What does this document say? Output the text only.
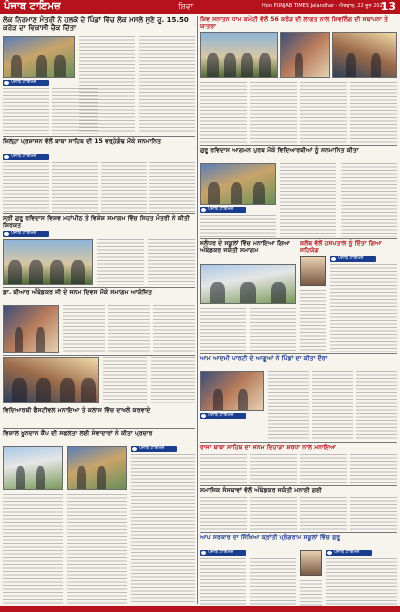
ਪੰਜਾਬ ਟਾਇਮਜ਼	ਸ਼ਿਵਾ	Hon PUNJAB TIMES Jalandhar · ਐਤਵਾਰ, 22 ਜੂਨ 2025
13
ਲੋਕ ਨਿਰਮਾਣ ਮੰਤਰੀ ਨੇ ਹਲਕੇ ਦੇ ਪਿੰਡਾਂ ਵਿੱਚ ਲੋਕ ਮਸਲੇ ਸੁਣੇ ਰੂ. 15.50 ਕਰੋੜ ਦਾ ਵਿਕਾਸੀ ਚੈਕ ਦਿੱਤਾ
ਪੰਜਾਬ ਟਾਇਮਜ਼
ਜ਼ਿਲ੍ਹਾ ਪ੍ਰਸ਼ਾਸਨ ਵੱਲੋਂ ਬਾਬਾ ਸਾਹਿਬ ਦੀ 15 ਵਰ੍ਹੇਗੰਢ ਮੌਕੇ ਸਨਮਾਨਿਤ
ਪੰਜਾਬ ਟਾਇਮਜ਼
ਸ੍ਰੀ ਗੁਰੂ ਰਵਿਦਾਸ ਵਿਸ਼ਵ ਮਹਾਂਪੀਠ ਤੇ ਵਿਸ਼ੇਸ਼ ਸਮਾਗਮ ਵਿੱਚ ਸਿਹਤ ਮੰਤਰੀ ਨੇ ਕੀਤੀ ਸ਼ਿਰਕਤ
ਪੰਜਾਬ ਟਾਇਮਜ਼
ਡਾ. ਬੀਆਰ ਅੰਬੇਡਕਰ ਜੀ ਦੇ ਜਨਮ ਦਿਵਸ ਮੌਕੇ ਸਮਾਗਮ ਆਯੋਜਿਤ
ਵਿਦਿਆਰਥੀ ਫੈਸਟੀਵਲ ਮਨਾਇਆ ਤੇ ਕਲਾਸ ਵਿੱਚ ਦਾਖਲੇ ਕਰਵਾਏ
ਵਿਸ਼ਾਲ ਖੂਨਦਾਨ ਕੈਂਪ ਦੀ ਸਫਲਤਾ ਲਈ ਸੇਵਾਦਾਰਾਂ ਨੇ ਕੀਤਾ ਪ੍ਰਚਾਰ
ਪੰਜਾਬ ਟਾਇਮਜ਼
ਸ਼ਿਵ ਸਨਾਤਨ ਧਾਮ ਕਮੇਟੀ ਵੱਲੋਂ 56 ਕਰੋੜ ਦੀ ਲਾਗਤ ਨਾਲ ਸ਼ਿਵਲਿੰਗ ਦੀ ਸਥਾਪਨਾ ਤੇ ਯਾਤਰਾ
ਗੁਰੂ ਰਵਿਦਾਸ ਆਗਮਨ ਪੁਰਬ ਮੌਕੇ ਵਿਦਿਆਰਥੀਆਂ ਨੂੰ ਸਨਮਾਨਿਤ ਕੀਤਾ
ਪੰਜਾਬ ਟਾਇਮਜ਼
ਜਲੰਧਰ ਦੇ ਸਕੂਲਾਂ ਵਿੱਚ ਮਨਾਇਆ ਗਿਆ ਅੰਬੇਡਕਰ ਜਯੰਤੀ ਸਮਾਗਮ
ਕਲੱਬ ਵੱਲੋਂ ਹਸਪਤਾਲ ਨੂੰ ਦਿੱਤਾ ਗਿਆ ਸਹਿਯੋਗ
ਪੰਜਾਬ ਟਾਇਮਜ਼
ਆਮ ਆਦਮੀ ਪਾਰਟੀ ਦੇ ਆਗੂਆਂ ਨੇ ਪਿੰਡਾਂ ਦਾ ਕੀਤਾ ਦੌਰਾ
ਪੰਜਾਬ ਟਾਇਮਜ਼
ਰਾਜਾ ਬਾਬਾ ਸਾਹਿਬ ਦਾ ਜਨਮ ਦਿਹਾੜਾ ਸ਼ਰਧਾ ਨਾਲ ਮਨਾਇਆ
ਸਮਾਜਿਕ ਸੰਸਥਾਵਾਂ ਵੱਲੋਂ ਅੰਬੇਡਕਰ ਜਯੰਤੀ ਮਨਾਈ ਗਈ
ਆਪ ਸਰਕਾਰ ਦਾ ਸਿੱਖਿਆ ਕ੍ਰਾਂਤੀ ਪ੍ਰੋਗਰਾਮ ਸਕੂਲਾਂ ਵਿੱਚ ਸ਼ੁਰੂ
ਪੰਜਾਬ ਟਾਇਮਜ਼	ਪੰਜਾਬ ਟਾਇਮਜ਼
